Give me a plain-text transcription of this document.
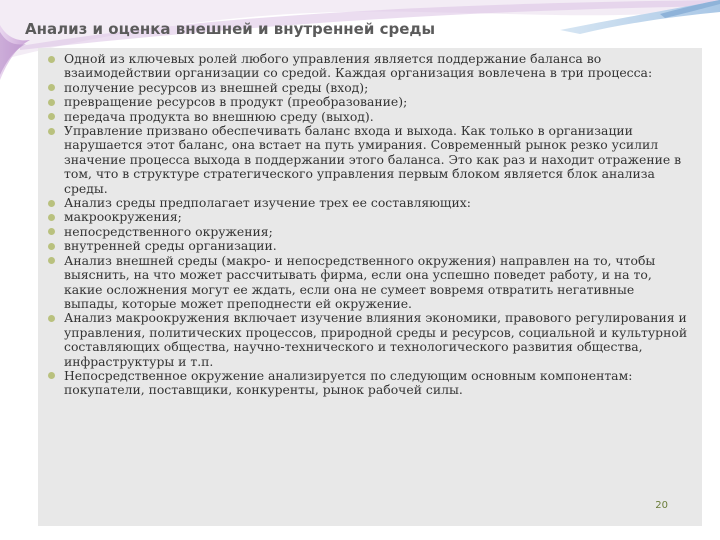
Анализ и оценка внешней и внутренней среды
Одной из ключевых ролей любого управления является поддержание баланса во взаимодействии организации со средой. Каждая организация вовлечена в три процесса:
получение ресурсов из внешней среды (вход);
превращение ресурсов в продукт (преобразование);
передача продукта во внешнюю среду (выход).
Управление призвано обеспечивать баланс входа и выхода. Как только в организации нарушается этот баланс, она встает на путь умирания. Современный рынок резко усилил значение процесса выхода в поддержании этого баланса. Это как раз и находит отражение в том, что в структуре стратегического управления первым блоком является блок анализа среды.
Анализ среды предполагает изучение трех ее составляющих:
макроокружения;
непосредственного окружения;
внутренней среды организации.
Анализ внешней среды (макро- и непосредственного окружения) направлен на то, чтобы выяснить, на что может рассчитывать фирма, если она успешно поведет работу, и на то, какие осложнения могут ее ждать, если она не сумеет вовремя отвратить негативные выпады, которые может преподнести ей окружение.
Анализ макроокружения включает изучение влияния экономики, правового регулирования и управления, политических процессов, природной среды и ресурсов, социальной и культурной составляющих общества, научно-технического и технологического развития общества, инфраструктуры и т.п.
Непосредственное окружение анализируется по следующим основным компонентам: покупатели, поставщики, конкуренты, рынок рабочей силы.
20
